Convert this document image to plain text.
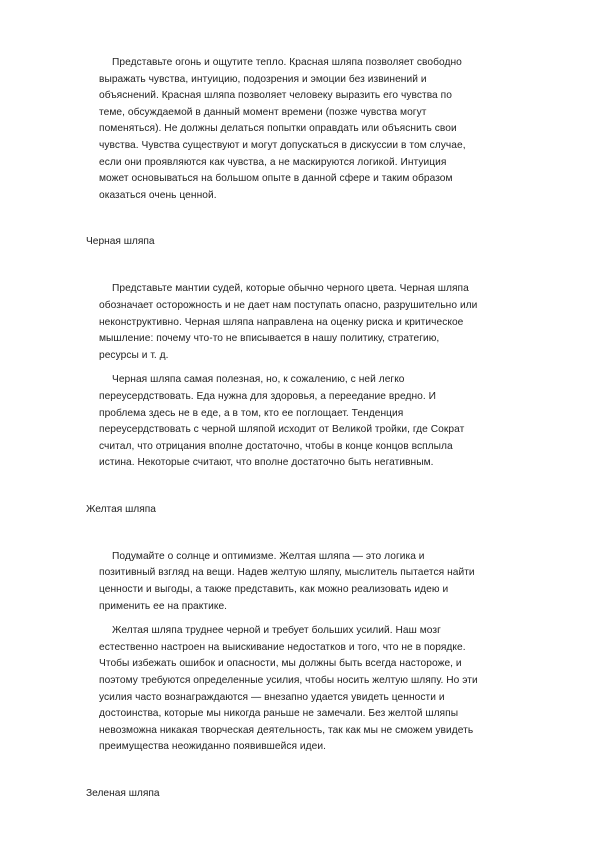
Представьте огонь и ощутите тепло. Красная шляпа позволяет свободно
выражать чувства, интуицию, подозрения и эмоции без извинений и
объяснений. Красная шляпа позволяет человеку выразить его чувства по
теме, обсуждаемой в данный момент времени (позже чувства могут
поменяться). Не должны делаться попытки оправдать или объяснить свои
чувства. Чувства существуют и могут допускаться в дискуссии в том случае,
если они проявляются как чувства, а не маскируются логикой. Интуиция
может основываться на большом опыте в данной сфере и таким образом
оказаться очень ценной.

Черная шляпа

Представьте мантии судей, которые обычно черного цвета. Черная шляпа
обозначает осторожность и не дает нам поступать опасно, разрушительно или
неконструктивно. Черная шляпа направлена на оценку риска и критическое
мышление: почему что-то не вписывается в нашу политику, стратегию,
ресурсы и т. д.

Черная шляпа самая полезная, но, к сожалению, с ней легко
переусердствовать. Еда нужна для здоровья, а переедание вредно. И
проблема здесь не в еде, а в том, кто ее поглощает. Тенденция
переусердствовать с черной шляпой исходит от Великой тройки, где Сократ
считал, что отрицания вполне достаточно, чтобы в конце концов всплыла
истина. Некоторые считают, что вполне достаточно быть негативным.

Желтая шляпа

Подумайте о солнце и оптимизме. Желтая шляпа — это логика и
позитивный взгляд на вещи. Надев желтую шляпу, мыслитель пытается найти
ценности и выгоды, а также представить, как можно реализовать идею и
применить ее на практике.

Желтая шляпа труднее черной и требует больших усилий. Наш мозг
естественно настроен на выискивание недостатков и того, что не в порядке.
Чтобы избежать ошибок и опасности, мы должны быть всегда настороже, и
поэтому требуются определенные усилия, чтобы носить желтую шляпу. Но эти
усилия часто вознаграждаются — внезапно удается увидеть ценности и
достоинства, которые мы никогда раньше не замечали. Без желтой шляпы
невозможна никакая творческая деятельность, так как мы не сможем увидеть
преимущества неожиданно появившейся идеи.

Зеленая шляпа
